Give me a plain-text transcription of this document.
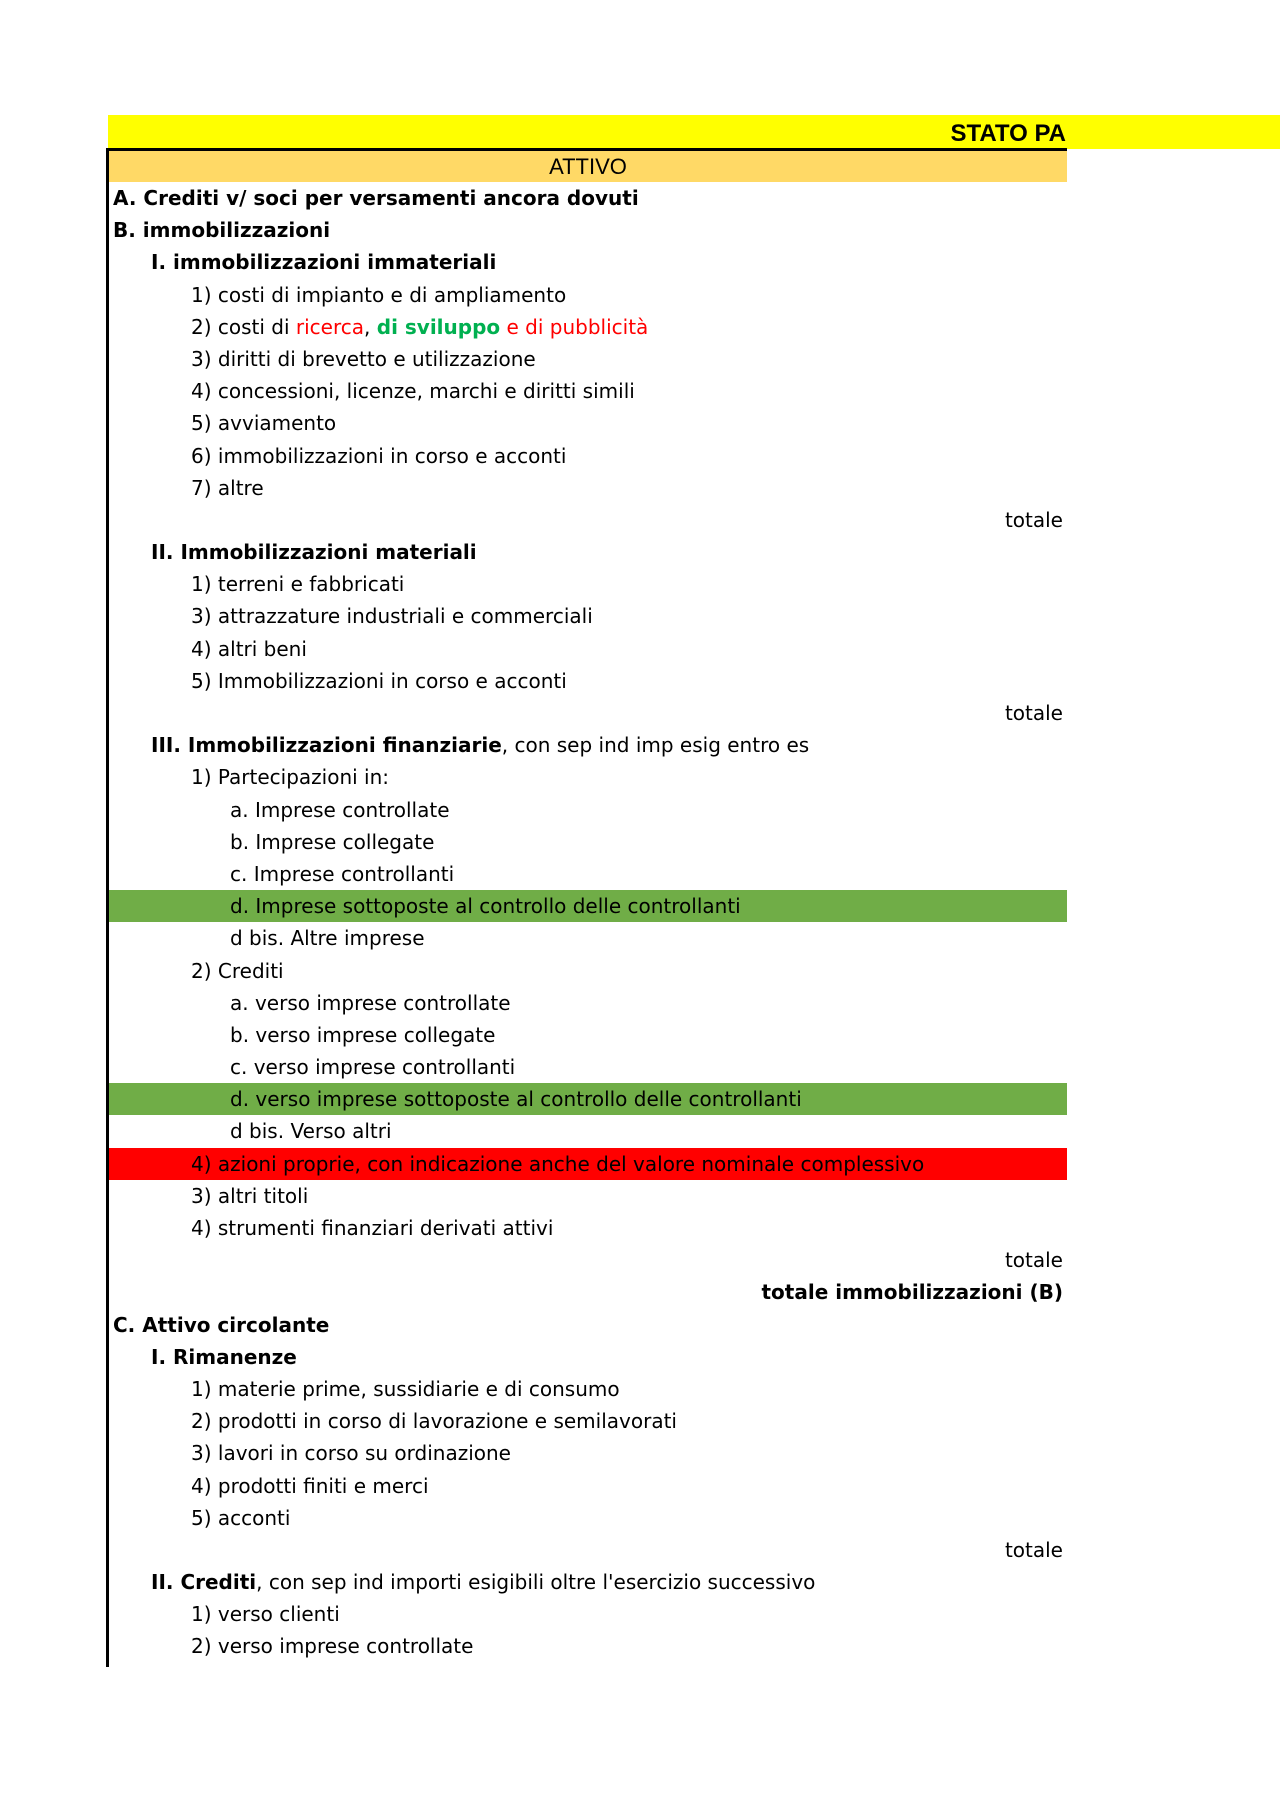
STATO PA
ATTIVO
A. Crediti v/ soci per versamenti ancora dovuti
B. immobilizzazioni
I. immobilizzazioni immateriali
1) costi di impianto e di ampliamento
2) costi di ricerca, di sviluppo e di pubblicità
3) diritti di brevetto e utilizzazione
4) concessioni, licenze, marchi e diritti simili
5) avviamento
6) immobilizzazioni in corso e acconti
7) altre
totale
II. Immobilizzazioni materiali
1) terreni e fabbricati
3) attrazzature industriali e commerciali
4) altri beni
5) Immobilizzazioni in corso e acconti
totale
III. Immobilizzazioni finanziarie, con sep ind imp esig entro es
1) Partecipazioni in:
a. Imprese controllate
b. Imprese collegate
c. Imprese controllanti
d. Imprese sottoposte al controllo delle controllanti
d bis. Altre imprese
2) Crediti
a. verso imprese controllate
b. verso imprese collegate
c. verso imprese controllanti
d. verso imprese sottoposte al controllo delle controllanti
d bis. Verso altri
4) azioni proprie, con indicazione anche del valore nominale complessivo
3) altri titoli
4) strumenti finanziari derivati attivi
totale
totale immobilizzazioni (B)
C. Attivo circolante
I. Rimanenze
1) materie prime, sussidiarie e di consumo
2) prodotti in corso di lavorazione e semilavorati
3) lavori in corso su ordinazione
4) prodotti finiti e merci
5) acconti
totale
II. Crediti, con sep ind importi esigibili oltre l'esercizio successivo
1) verso clienti
2) verso imprese controllate
